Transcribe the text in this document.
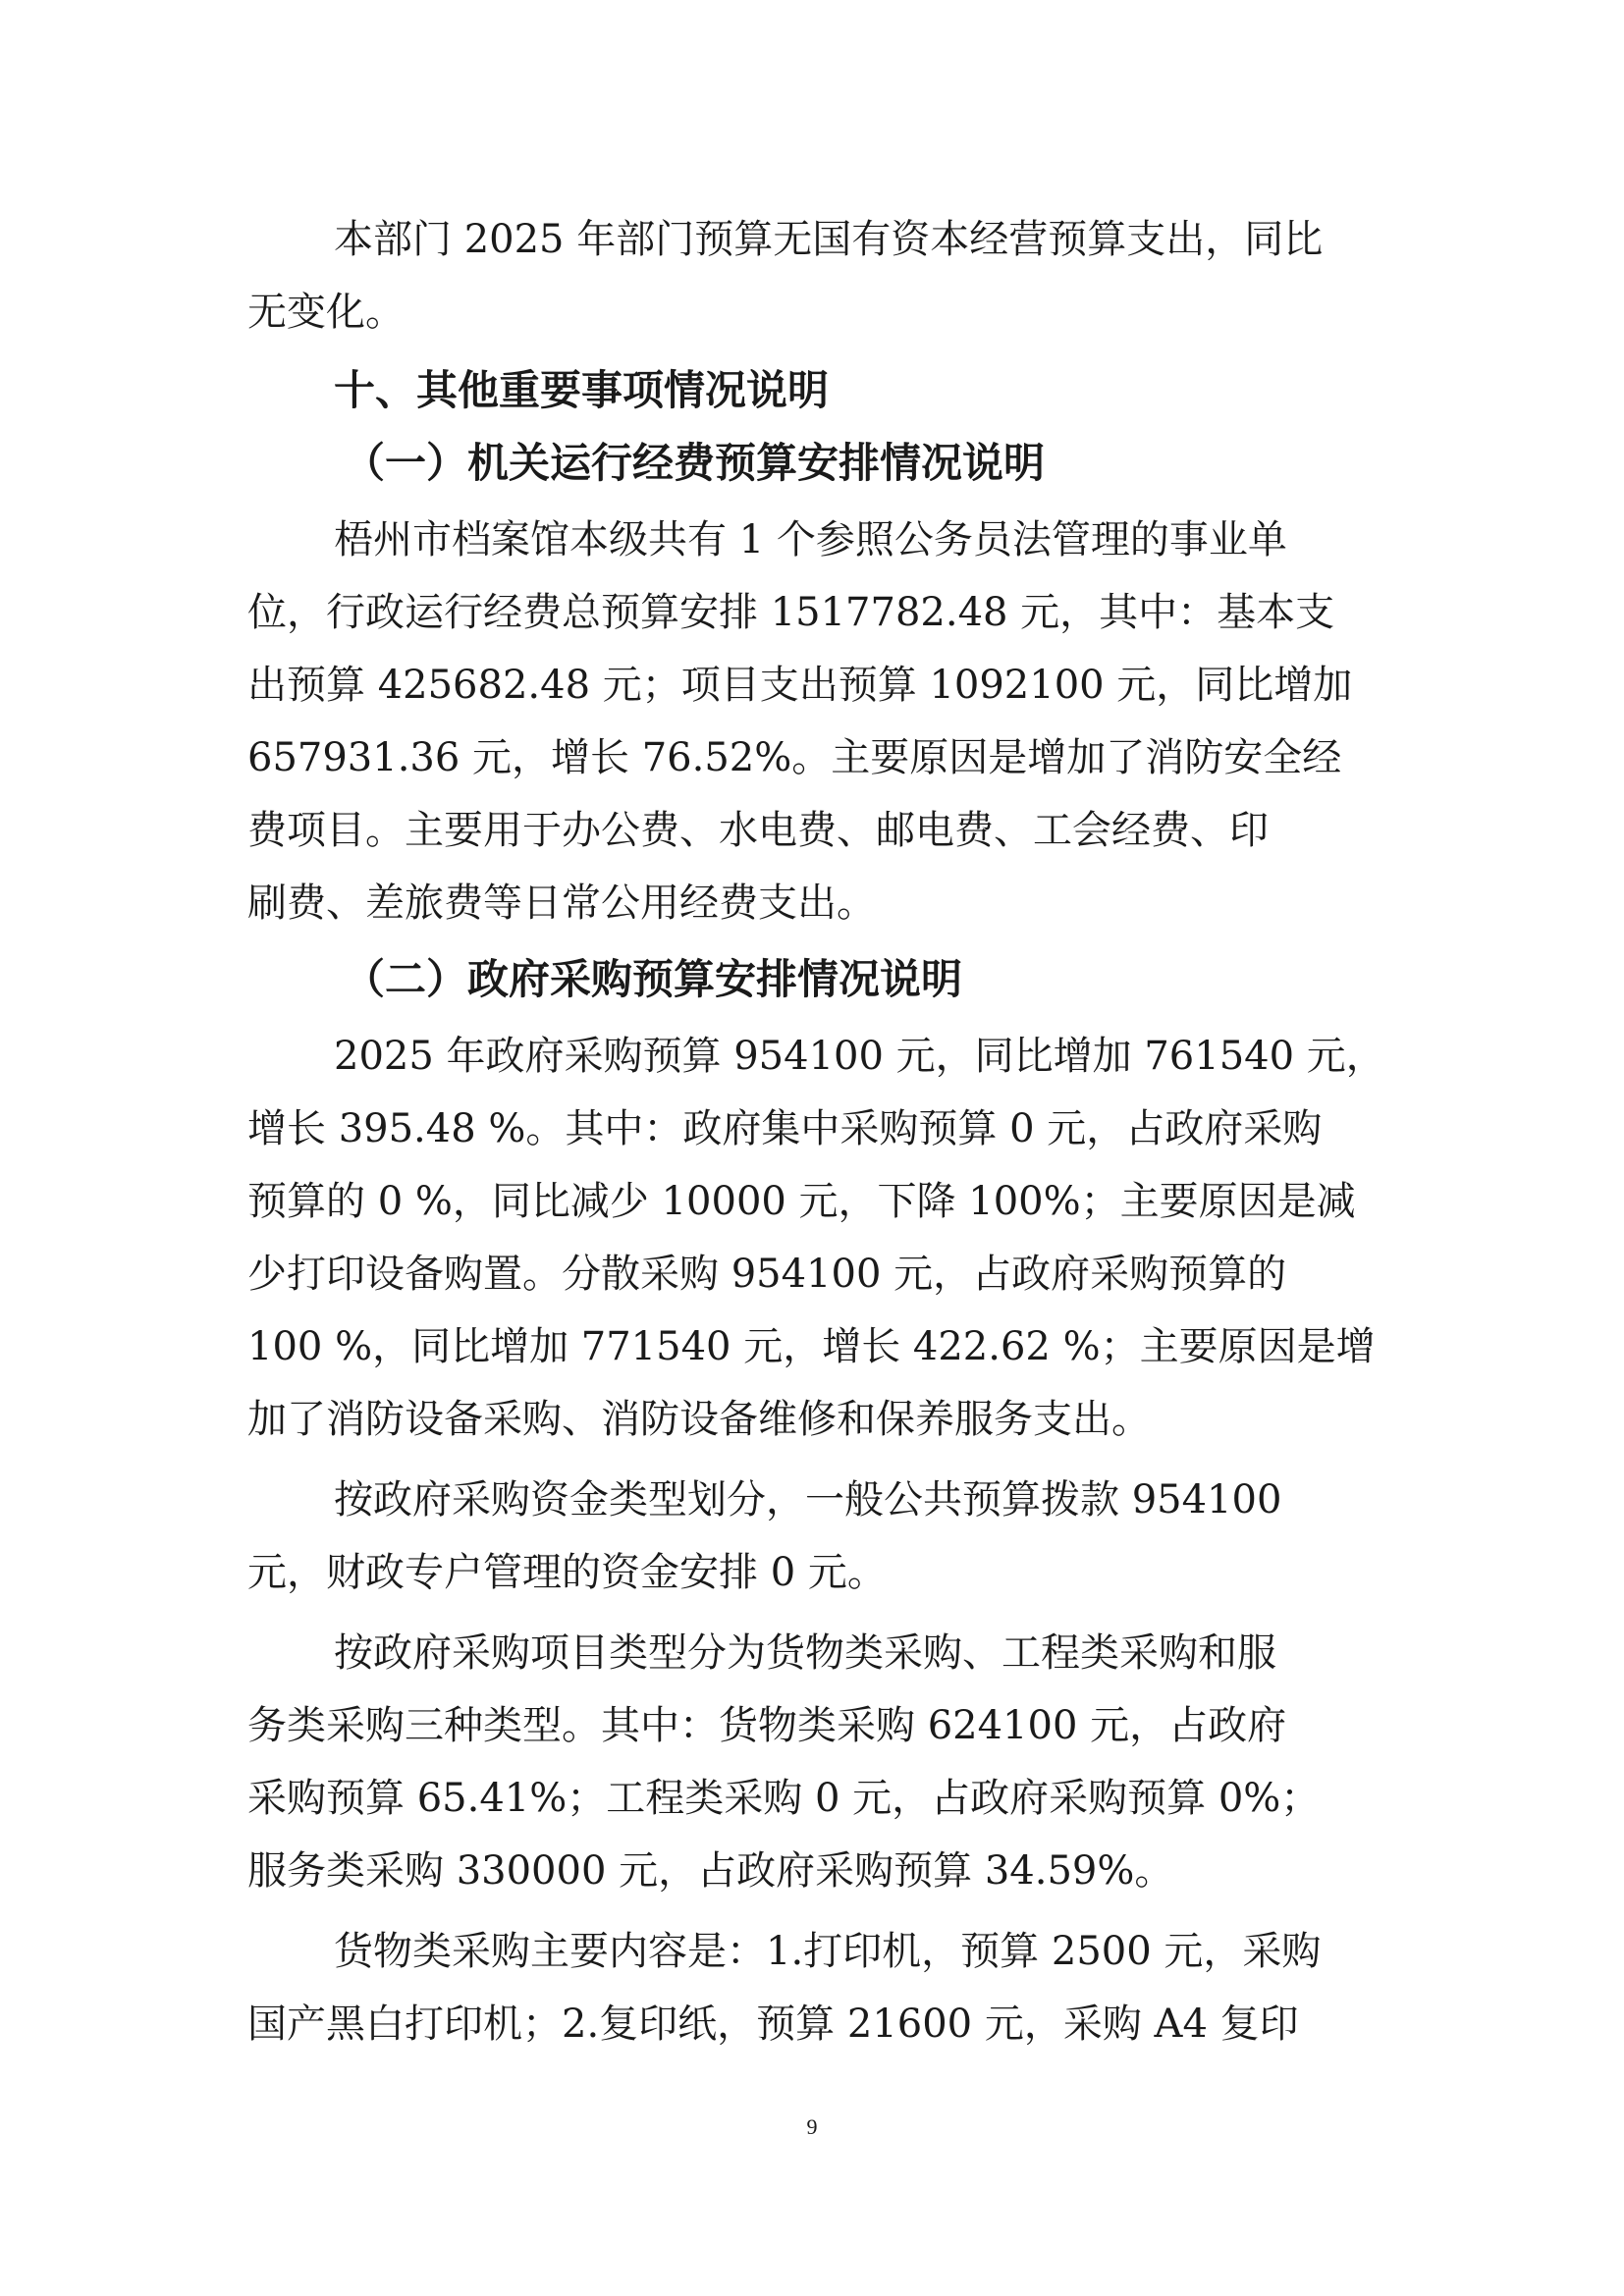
本部门 2025 年部门预算无国有资本经营预算支出，同比
无变化。
十、其他重要事项情况说明
（一）机关运行经费预算安排情况说明
梧州市档案馆本级共有 1 个参照公务员法管理的事业单
位，行政运行经费总预算安排 1517782.48 元，其中：基本支
出预算 425682.48 元；项目支出预算 1092100 元，同比增加
657931.36 元，增长 76.52%。主要原因是增加了消防安全经
费项目。主要用于办公费、水电费、邮电费、工会经费、印
刷费、差旅费等日常公用经费支出。
（二）政府采购预算安排情况说明
2025 年政府采购预算 954100 元，同比增加 761540 元，
增长 395.48 %。其中：政府集中采购预算 0 元，占政府采购
预算的 0 %，同比减少 10000 元，下降 100%；主要原因是减
少打印设备购置。分散采购 954100 元，占政府采购预算的
100 %，同比增加 771540 元，增长 422.62 %；主要原因是增
加了消防设备采购、消防设备维修和保养服务支出。
按政府采购资金类型划分，一般公共预算拨款 954100
元，财政专户管理的资金安排 0 元。
按政府采购项目类型分为货物类采购、工程类采购和服
务类采购三种类型。其中：货物类采购 624100 元，占政府
采购预算 65.41%；工程类采购 0 元，占政府采购预算 0%；
服务类采购 330000 元，占政府采购预算 34.59%。
货物类采购主要内容是：1.打印机，预算 2500 元，采购
国产黑白打印机；2.复印纸，预算 21600 元，采购 A4 复印
9
